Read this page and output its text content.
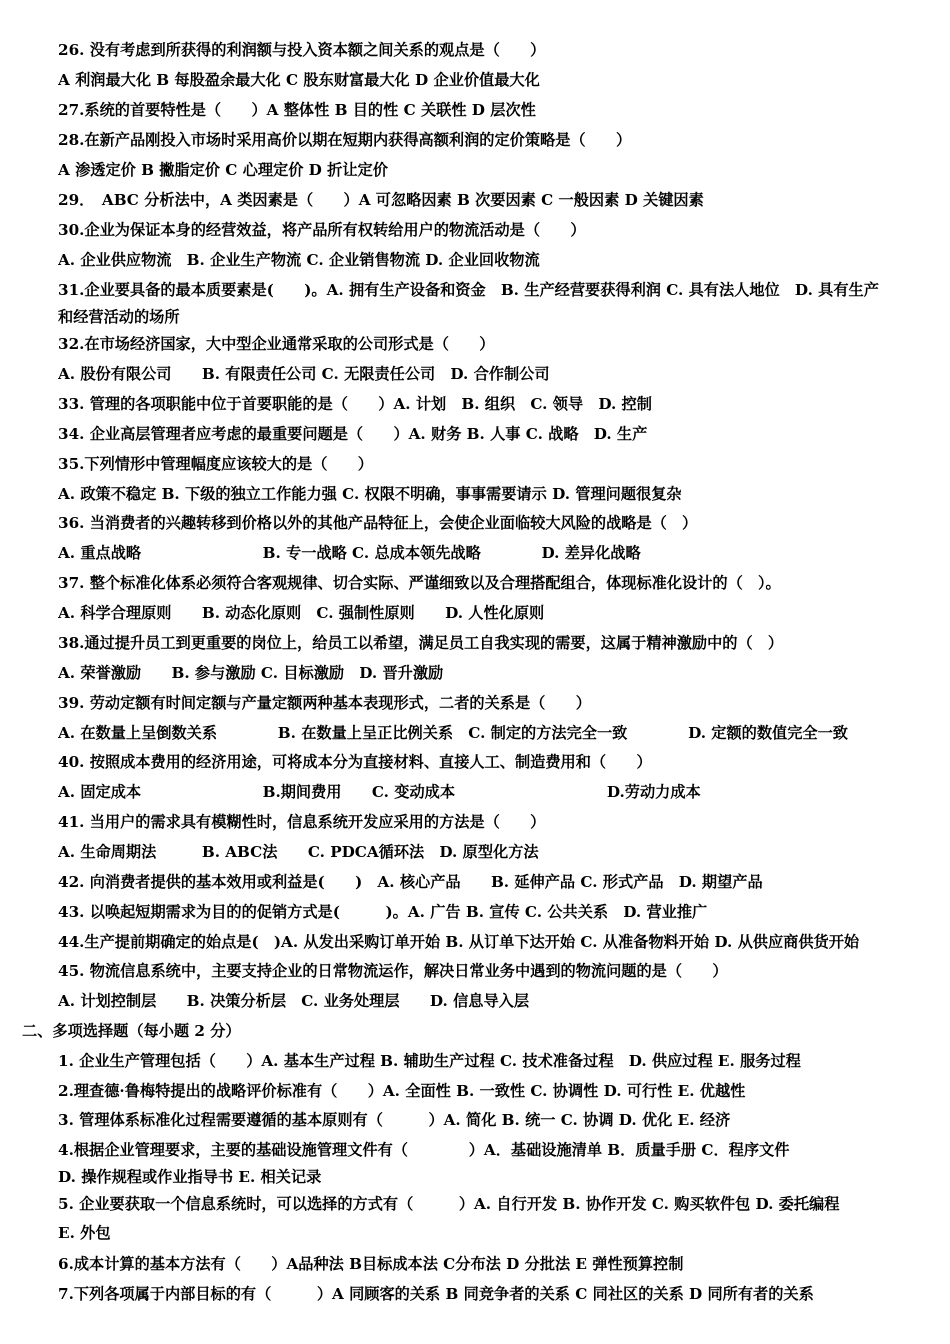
26. 没有考虑到所获得的利润额与投入资本额之间关系的观点是（　　）
A 利润最大化 B 每股盈余最大化 C 股东财富最大化 D 企业价值最大化
27.系统的首要特性是（　　）A 整体性 B 目的性 C 关联性 D 层次性
28.在新产品刚投入市场时采用高价以期在短期内获得高额利润的定价策略是（　　）
A 渗透定价 B 撇脂定价 C 心理定价 D 折让定价
29．　ABC 分析法中，A 类因素是（　　）A 可忽略因素 B 次要因素 C 一般因素 D 关键因素
30.企业为保证本身的经营效益，将产品所有权转给用户的物流活动是（　　）
A. 企业供应物流　B. 企业生产物流 C. 企业销售物流 D. 企业回收物流
31.企业要具备的最本质要素是(　　)。A. 拥有生产设备和资金　B. 生产经营要获得利润 C. 具有法人地位　D. 具有生产
和经营活动的场所
32.在市场经济国家，大中型企业通常采取的公司形式是（　　）
A. 股份有限公司　　B. 有限责任公司 C. 无限责任公司　D. 合作制公司
33. 管理的各项职能中位于首要职能的是（　　）A. 计划　B. 组织　C. 领导　D. 控制
34. 企业高层管理者应考虑的最重要问题是（　　）A. 财务 B. 人事 C. 战略　D. 生产
35.下列情形中管理幅度应该较大的是（　　）
A. 政策不稳定 B. 下级的独立工作能力强 C. 权限不明确，事事需要请示 D. 管理问题很复杂
36. 当消费者的兴趣转移到价格以外的其他产品特征上，会使企业面临较大风险的战略是（　）
A. 重点战略　　　　　　　　B. 专一战略 C. 总成本领先战略　　　　D. 差异化战略
37. 整个标准化体系必须符合客观规律、切合实际、严谨细致以及合理搭配组合，体现标准化设计的（　）。
A. 科学合理原则　　B. 动态化原则　C. 强制性原则　　D. 人性化原则
38.通过提升员工到更重要的岗位上，给员工以希望，满足员工自我实现的需要，这属于精神激励中的（　）
A. 荣誉激励　　B. 参与激励 C. 目标激励　D. 晋升激励
39. 劳动定额有时间定额与产量定额两种基本表现形式，二者的关系是（　　）
A. 在数量上呈倒数关系　　　　B. 在数量上呈正比例关系　C. 制定的方法完全一致　　　　D. 定额的数值完全一致
40. 按照成本费用的经济用途，可将成本分为直接材料、直接人工、制造费用和（　　）
A. 固定成本　　　　　　　　B.期间费用　　C. 变动成本　　　　　　　　　　D.劳动力成本
41. 当用户的需求具有模糊性时，信息系统开发应采用的方法是（　　）
A. 生命周期法　　　B. ABC法　　C. PDCA循环法　D. 原型化方法
42. 向消费者提供的基本效用或利益是(　　)　A. 核心产品　　B. 延伸产品 C. 形式产品　D. 期望产品
43. 以唤起短期需求为目的的促销方式是(　　　)。A. 广告 B. 宣传 C. 公共关系　D. 营业推广
44.生产提前期确定的始点是(　)A. 从发出采购订单开始 B. 从订单下达开始 C. 从准备物料开始 D. 从供应商供货开始
45. 物流信息系统中，主要支持企业的日常物流运作，解决日常业务中遇到的物流问题的是（　　）
A. 计划控制层　　B. 决策分析层　C. 业务处理层　　D. 信息导入层
二、多项选择题（每小题 2 分）
1. 企业生产管理包括（　　）A. 基本生产过程 B. 辅助生产过程 C. 技术准备过程　D. 供应过程 E. 服务过程
2.理查德·鲁梅特提出的战略评价标准有（　　）A. 全面性 B. 一致性 C. 协调性 D. 可行性 E. 优越性
3. 管理体系标准化过程需要遵循的基本原则有（　　　）A. 简化 B. 统一 C. 协调 D. 优化 E. 经济
4.根据企业管理要求，主要的基础设施管理文件有（　　　　）A．基础设施清单 B．质量手册 C．程序文件
D. 操作规程或作业指导书 E. 相关记录
5. 企业要获取一个信息系统时，可以选择的方式有（　　　）A. 自行开发 B. 协作开发 C. 购买软件包 D. 委托编程
E. 外包
6.成本计算的基本方法有（　　）A品种法 B目标成本法 C分布法 D 分批法 E 弹性预算控制
7.下列各项属于内部目标的有（　　　）A 同顾客的关系 B 同竞争者的关系 C 同社区的关系 D 同所有者的关系
